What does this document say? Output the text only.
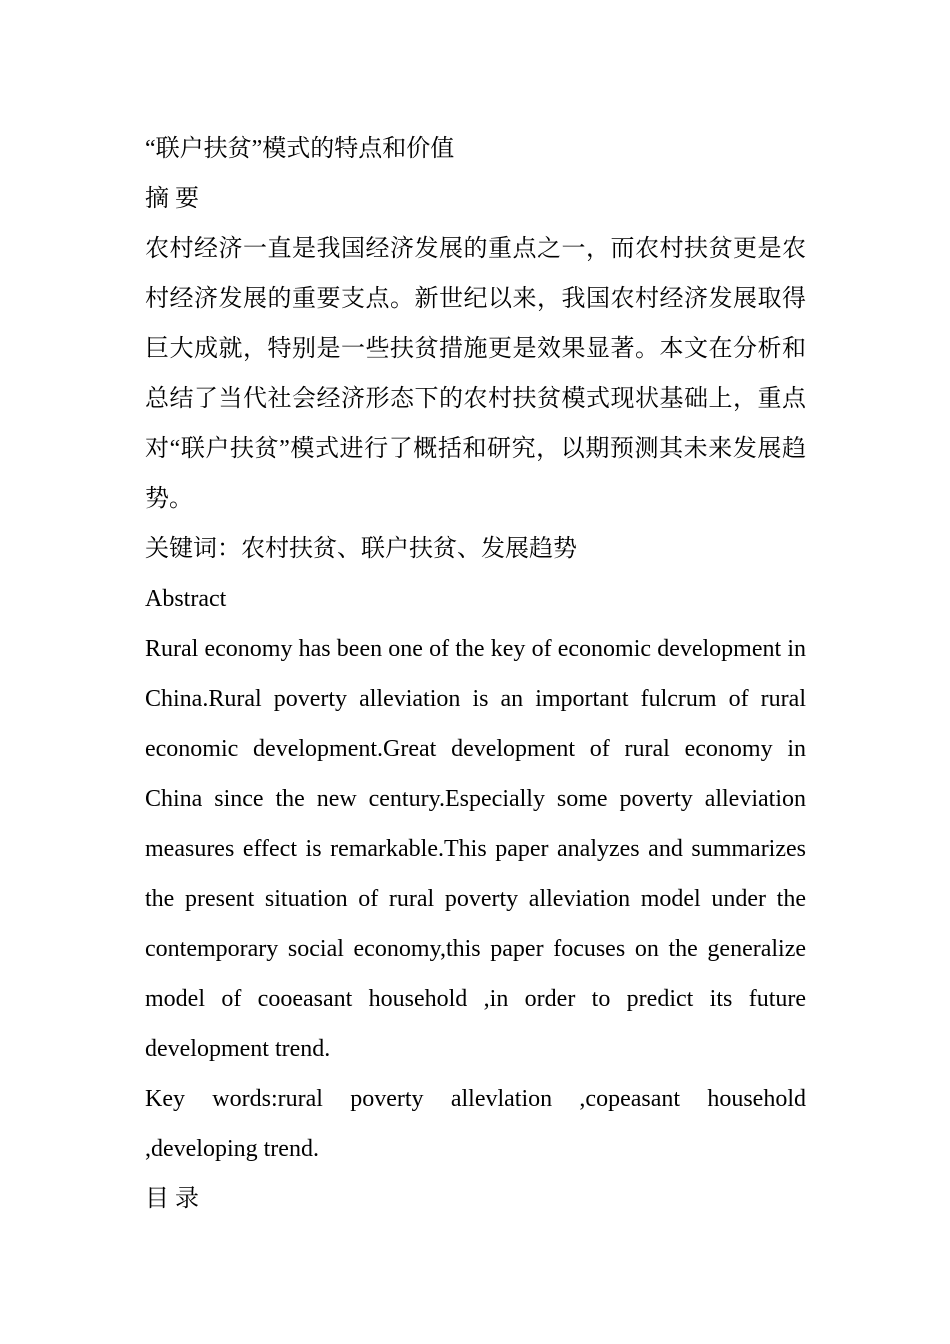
“联户扶贫”模式的特点和价值

摘 要

农村经济一直是我国经济发展的重点之一，而农村扶贫更是农村经济发展的重要支点。新世纪以来，我国农村经济发展取得巨大成就，特别是一些扶贫措施更是效果显著。本文在分析和总结了当代社会经济形态下的农村扶贫模式现状基础上，重点对“联户扶贫”模式进行了概括和研究，以期预测其未来发展趋势。

关键词：农村扶贫、联户扶贫、发展趋势

Abstract

Rural economy has been one of the key of economic development in China.Rural poverty alleviation is an important fulcrum of rural economic development.Great development of rural economy in China since the new century.Especially some poverty alleviation measures effect is remarkable.This paper analyzes and summarizes the present situation of rural poverty alleviation model under the contemporary social economy,this paper focuses on the generalize model of cooeasant household ,in order to predict its future development trend.

Key words:rural poverty allevlation ,copeasant household ,developing trend.

目 录
